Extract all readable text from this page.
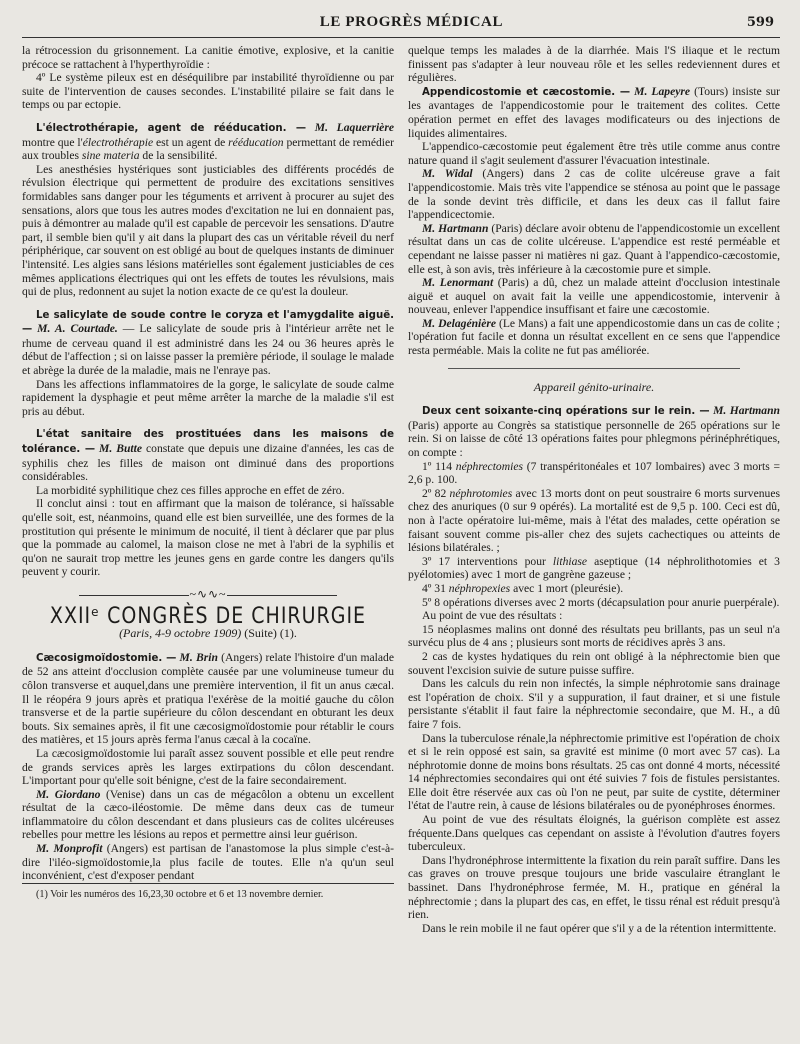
LE PROGRÈS MÉDICAL	599

la rétrocession du grisonnement. La canitie émotive, explosive, et la canitie précoce se rattachent à l'hyperthyroïdie :

4º Le système pileux est en déséquilibre par instabilité thyroïdienne ou par suite de l'intervention de causes secondes. L'instabilité pilaire se fait dans le temps ou par ectopie.

L'électrothérapie, agent de rééducation. — M. Laquerrière montre que l'électrothérapie est un agent de rééducation permettant de remédier aux troubles sine materia de la sensibilité.

Les anesthésies hystériques sont justiciables des différents procédés de révulsion électrique qui permettent de produire des excitations sensitives formidables sans danger pour les téguments et arrivent à procurer au sujet des sensations, alors que tous les autres modes d'excitation ne lui en donnaient pas, puis à démontrer au malade qu'il est capable de percevoir les sensations. D'autre part, il semble bien qu'il y ait dans la plupart des cas un véritable réveil du nerf périphérique, car souvent on est obligé au bout de quelques instants de diminuer l'intensité. Les algies sans lésions matérielles sont également justiciables de ces mêmes applications électriques qui ont les effets de toutes les révulsions, mais qui de plus, redonnent au sujet la notion exacte de ce qu'est la douleur.

Le salicylate de soude contre le coryza et l'amygdalite aiguë. — M. A. Courtade. — Le salicylate de soude pris à l'intérieur arrête net le rhume de cerveau quand il est administré dans les 24 ou 36 heures après le début de l'affection ; si on laisse passer la première période, il soulage le malade et abrège la durée de la maladie, mais ne l'enraye pas.

Dans les affections inflammatoires de la gorge, le salicylate de soude calme rapidement la dysphagie et peut même arrêter la marche de la maladie s'il est pris au début.

L'état sanitaire des prostituées dans les maisons de tolérance. — M. Butte constate que depuis une dizaine d'années, les cas de syphilis chez les filles de maison ont diminué dans des proportions considérables.

La morbidité syphilitique chez ces filles approche en effet de zéro.

Il conclut ainsi : tout en affirmant que la maison de tolérance, si haïssable qu'elle soit, est, néanmoins, quand elle est bien surveillée, une des formes de la prostitution qui présente le minimum de nocuité, il tient à déclarer que par plus que la pommade au calomel, la maison close ne met à l'abri de la syphilis et qu'on ne saurait trop mettre les jeunes gens en garde contre les dangers qu'ils peuvent y courir.

~∿∿~
XXIIᵉ CONGRÈS DE CHIRURGIE
(Paris, 4-9 octobre 1909) (Suite) (1).

Cæcosigmoïdostomie. — M. Brin (Angers) relate l'histoire d'un malade de 52 ans atteint d'occlusion complète causée par une volumineuse tumeur du côlon transverse et auquel,dans une première intervention, il fit un anus cæcal. Il le réopéra 9 jours après et pratiqua l'exérèse de la moitié gauche du côlon transverse et de la partie supérieure du côlon descendant en obturant les deux bouts. Six semaines après, il fit une cæcosigmoïdostomie pour rétablir le cours des matières, et 15 jours après ferma l'anus cæcal à la cocaïne.

La cæcosigmoïdostomie lui paraît assez souvent possible et elle peut rendre de grands services après les larges extirpations du côlon descendant. L'important pour qu'elle soit bénigne, c'est de la faire secondairement.

M. Giordano (Venise) dans un cas de mégacôlon a obtenu un excellent résultat de la cæco-iléostomie. De même dans deux cas de tumeur inflammatoire du côlon descendant et dans plusieurs cas de colites ulcéreuses rebelles pour mettre les lésions au repos et permettre ainsi leur guérison.

M. Monprofit (Angers) est partisan de l'anastomose la plus simple c'est-à-dire l'iléo-sigmoïdostomie,la plus facile de toutes. Elle n'a qu'un seul inconvénient, c'est d'exposer pendant

(1) Voir les numéros des 16,23,30 octobre et 6 et 13 novembre dernier.

quelque temps les malades à de la diarrhée. Mais l'S iliaque et le rectum finissent pas s'adapter à leur nouveau rôle et les selles redeviennent dures et régulières.

Appendicostomie et cæcostomie. — M. Lapeyre (Tours) insiste sur les avantages de l'appendicostomie pour le traitement des colites. Cette opération permet en effet des lavages modificateurs ou des injections de liquides alimentaires.

L'appendico-cæcostomie peut également être très utile comme anus contre nature quand il s'agit seulement d'assurer l'évacuation intestinale.

M. Widal (Angers) dans 2 cas de colite ulcéreuse grave a fait l'appendicostomie. Mais très vite l'appendice se sténosa au point que le passage de la sonde devint très difficile, et dans les deux cas il fallut faire l'appendicectomie.

M. Hartmann (Paris) déclare avoir obtenu de l'appendicostomie un excellent résultat dans un cas de colite ulcéreuse. L'appendice est resté perméable et cependant ne laisse passer ni matières ni gaz. Quant à l'appendico-cæcostomie, elle est, à son avis, très inférieure à la cæcostomie pure et simple.

M. Lenormant (Paris) a dû, chez un malade atteint d'occlusion intestinale aiguë et auquel on avait fait la veille une appendicostomie, intervenir à nouveau, enlever l'appendice insuffisant et faire une cæcostomie.

M. Delagénière (Le Mans) a fait une appendicostomie dans un cas de colite ; l'opération fut facile et donna un résultat excellent en ce sens que l'appendice resta perméable. Mais la colite ne fut pas améliorée.

Appareil génito-urinaire.

Deux cent soixante-cinq opérations sur le rein. — M. Hartmann (Paris) apporte au Congrès sa statistique personnelle de 265 opérations sur le rein. Si on laisse de côté 13 opérations faites pour phlegmons périnéphrétiques, on compte :

1º 114 néphrectomies (7 transpéritonéales et 107 lombaires) avec 3 morts = 2,6 p. 100.

2º 82 néphrotomies avec 13 morts dont on peut soustraire 6 morts survenues chez des anuriques (0 sur 9 opérés). La mortalité est de 9,5 p. 100. Ceci est dû, non à l'acte opératoire lui-même, mais à l'état des malades, cette opération se faisant souvent comme pis-aller chez des sujets cachectiques ou atteints de lésions bilatérales. ;

3º 17 interventions pour lithiase aseptique (14 néphrolithotomies et 3 pyélotomies) avec 1 mort de gangrène gazeuse ;

4º 31 néphropexies avec 1 mort (pleurésie).

5º 8 opérations diverses avec 2 morts (décapsulation pour anurie puerpérale).

Au point de vue des résultats :

15 néoplasmes malins ont donné des résultats peu brillants, pas un seul n'a survécu plus de 4 ans ; plusieurs sont morts de récidives après 3 ans.

2 cas de kystes hydatiques du rein ont obligé à la néphrectomie bien que souvent l'excision suivie de suture puisse suffire.

Dans les calculs du rein non infectés, la simple néphrotomie sans drainage est l'opération de choix. S'il y a suppuration, il faut drainer, et si une fistule persistante s'établit il faut faire la néphrectomie secondaire, que M. H., a dû faire 7 fois.

Dans la tuberculose rénale,la néphrectomie primitive est l'opération de choix et si le rein opposé est sain, sa gravité est minime (0 mort avec 57 cas). La néphrotomie donne de moins bons résultats. 25 cas ont donné 4 morts, nécessité 14 néphrectomies secondaires qui ont été suivies 7 fois de fistules persistantes. Elle doit être réservée aux cas où l'on ne peut, par suite de cystite, déterminer l'état de l'autre rein, à cause de lésions bilatérales ou de pyonéphroses énormes.

Au point de vue des résultats éloignés, la guérison complète est assez fréquente.Dans quelques cas cependant on assiste à l'évolution d'autres foyers tuberculeux.

Dans l'hydronéphrose intermittente la fixation du rein paraît suffire. Dans les cas graves on trouve presque toujours une bride vasculaire étranglant le bassinet. Dans l'hydronéphrose fermée, M. H., pratique en général la néphrectomie ; dans la plupart des cas, en effet, le tissu rénal est réduit presqu'à rien.

Dans le rein mobile il ne faut opérer que s'il y a de la rétention intermittente.
